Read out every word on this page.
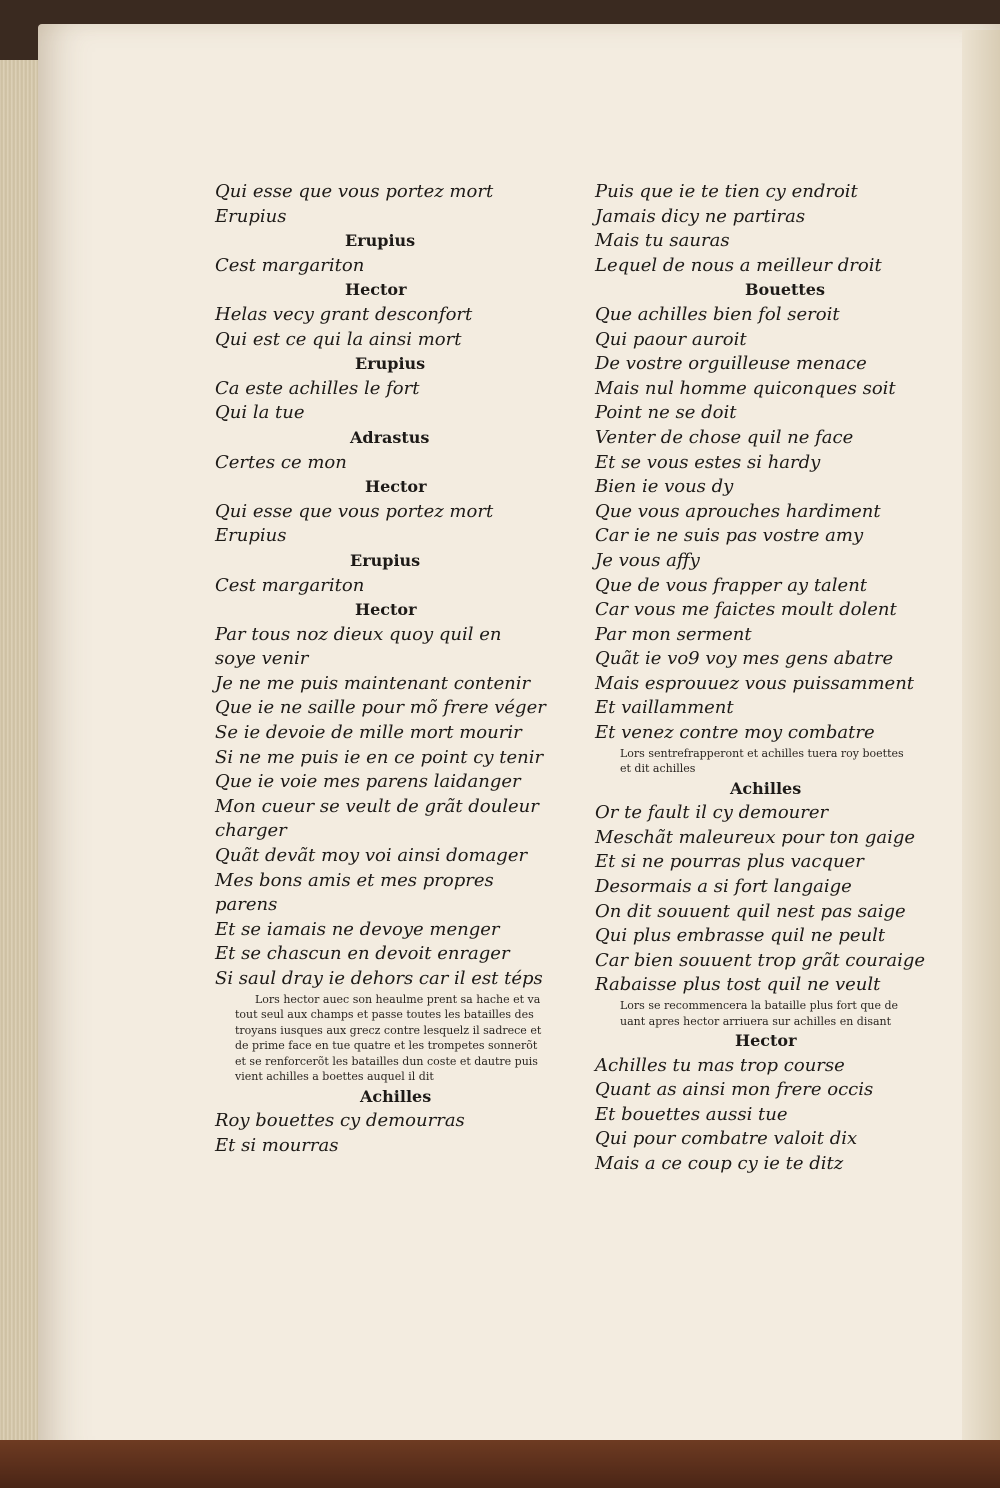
Qui esse que vous portez mort
Erupius
Erupius
Cest margariton
Hector
Helas vecy grant desconfort
Qui est ce qui la ainsi mort
Erupius
Ca este achilles le fort
Qui la tue
Adrastus
Certes ce mon
Hector
Qui esse que vous portez mort
Erupius
Erupius
Cest margariton
Hector
Par tous noz dieux quoy quil en
soye venir
Je ne me puis maintenant contenir
Que ie ne saille pour mõ frere véger
Se ie devoie de mille mort mourir
Si ne me puis ie en ce point cy tenir
Que ie voie mes parens laidanger
Mon cueur se veult de grãt douleur
charger
Quãt devãt moy voi ainsi domager
Mes bons amis et mes propres
parens
Et se iamais ne devoye menger
Et se chascun en devoit enrager
Si saul dray ie dehors car il est téps
Lors hector auec son heaulme prent sa hache et va
tout seul aux champs et passe toutes les batailles des
troyans iusques aux grecz contre lesquelz il sadrece et
de prime face en tue quatre et les trompetes sonnerõt
et se renforcerõt les batailles dun coste et dautre puis
vient achilles a boettes auquel il dit
Achilles
Roy bouettes cy demourras
Et si mourras
Puis que ie te tien cy endroit
Jamais dicy ne partiras
Mais tu sauras
Lequel de nous a meilleur droit
Bouettes
Que achilles bien fol seroit
Qui paour auroit
De vostre orguilleuse menace
Mais nul homme quiconques soit
Point ne se doit
Venter de chose quil ne face
Et se vous estes si hardy
Bien ie vous dy
Que vous aprouches hardiment
Car ie ne suis pas vostre amy
Je vous affy
Que de vous frapper ay talent
Car vous me faictes moult dolent
Par mon serment
Quãt ie vo9 voy mes gens abatre
Mais esprouuez vous puissamment
Et vaillamment
Et venez contre moy combatre
Lors sentrefrapperont et achilles tuera roy boettes
et dit achilles
Achilles
Or te fault il cy demourer
Meschãt maleureux pour ton gaige
Et si ne pourras plus vacquer
Desormais a si fort langaige
On dit souuent quil nest pas saige
Qui plus embrasse quil ne peult
Car bien souuent trop grãt couraige
Rabaisse plus tost quil ne veult
Lors se recommencera la bataille plus fort que de
uant apres hector arriuera sur achilles en disant
Hector
Achilles tu mas trop course
Quant as ainsi mon frere occis
Et bouettes aussi tue
Qui pour combatre valoit dix
Mais a ce coup cy ie te ditz
